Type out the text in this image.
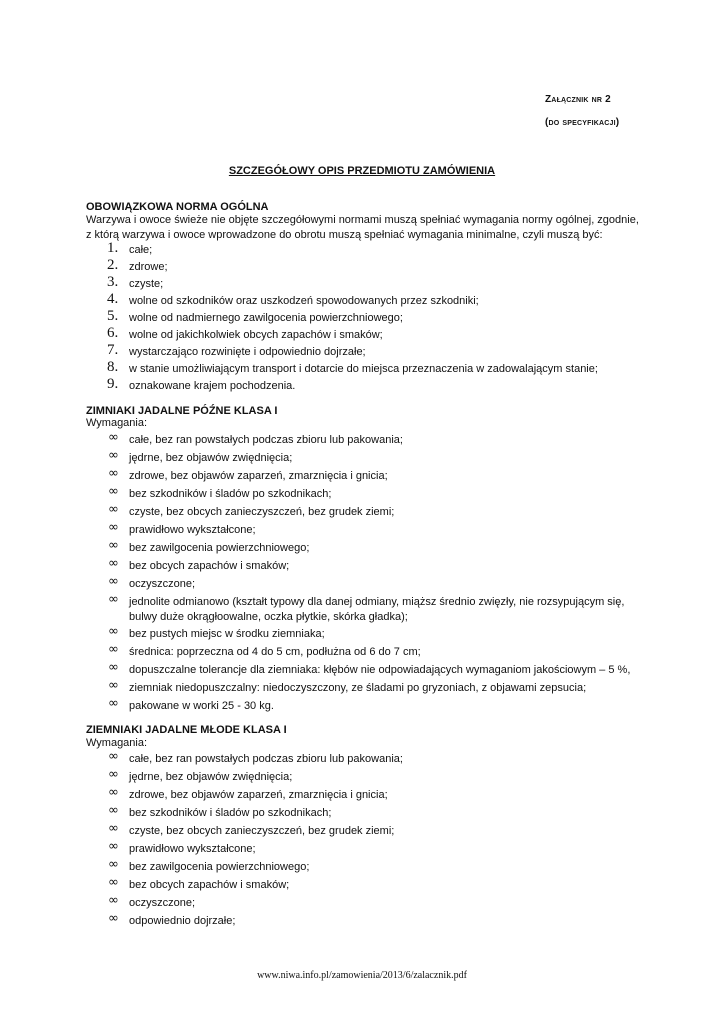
Załącznik nr 2
(do specyfikacji)
SZCZEGÓŁOWY OPIS PRZEDMIOTU ZAMÓWIENIA
OBOWIĄZKOWA NORMA OGÓLNA
Warzywa i owoce świeże nie objęte szczegółowymi normami muszą spełniać wymagania normy ogólnej, zgodnie, z którą warzywa i owoce wprowadzone do obrotu muszą spełniać wymagania minimalne, czyli muszą być:
1. całe;
2. zdrowe;
3. czyste;
4. wolne od szkodników oraz uszkodzeń spowodowanych przez szkodniki;
5. wolne od nadmiernego zawilgocenia powierzchniowego;
6. wolne od jakichkolwiek obcych zapachów i smaków;
7. wystarczająco rozwinięte i odpowiednio dojrzałe;
8. w stanie umożliwiającym transport i dotarcie do miejsca przeznaczenia w zadowalającym stanie;
9. oznakowane krajem pochodzenia.
ZIMNIAKI JADALNE PÓŹNE KLASA I
Wymagania:
∞ całe, bez ran powstałych podczas zbioru lub pakowania;
∞ jędrne, bez objawów zwiędnięcia;
∞ zdrowe, bez objawów zaparzeń, zmarznięcia i gnicia;
∞ bez szkodników i śladów po szkodnikach;
∞ czyste, bez obcych zanieczyszczeń, bez grudek ziemi;
∞ prawidłowo wykształcone;
∞ bez zawilgocenia powierzchniowego;
∞ bez obcych zapachów i smaków;
∞ oczyszczone;
∞ jednolite odmianowo (kształt typowy dla danej odmiany, miąższ średnio zwięzły, nie rozsypującym się, bulwy duże okrągłoowalne, oczka płytkie, skórka gładka);
∞ bez pustych miejsc w środku ziemniaka;
∞ średnica: poprzeczna od 4 do 5 cm, podłużna od 6 do 7 cm;
∞ dopuszczalne tolerancje dla ziemniaka: kłębów nie odpowiadających wymaganiom jakościowym – 5 %,
∞ ziemniak niedopuszczalny: niedoczyszczony, ze śladami po gryzoniach, z objawami zepsucia;
∞ pakowane w worki 25 - 30 kg.
ZIEMNIAKI JADALNE MŁODE KLASA I
Wymagania:
∞ całe, bez ran powstałych podczas zbioru lub pakowania;
∞ jędrne, bez objawów zwiędnięcia;
∞ zdrowe, bez objawów zaparzeń, zmarznięcia i gnicia;
∞ bez szkodników i śladów po szkodnikach;
∞ czyste, bez obcych zanieczyszczeń, bez grudek ziemi;
∞ prawidłowo wykształcone;
∞ bez zawilgocenia powierzchniowego;
∞ bez obcych zapachów i smaków;
∞ oczyszczone;
∞ odpowiednio dojrzałe;
www.niwa.info.pl/zamowienia/2013/6/zalacznik.pdf
